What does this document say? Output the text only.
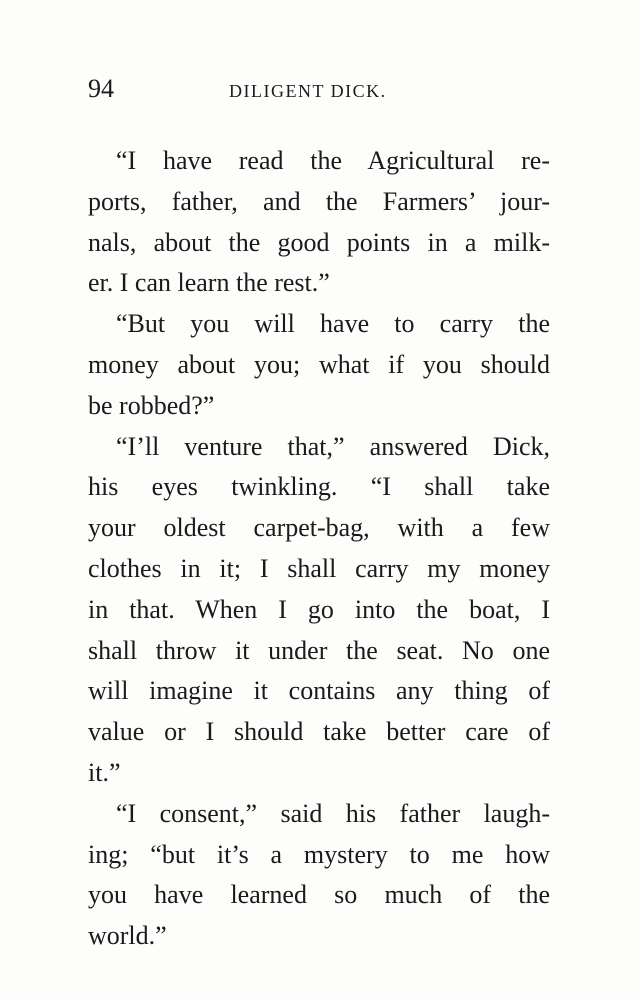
94	DILIGENT DICK.
“I have read the Agricultural re-
ports, father, and the Farmers’ jour-
nals, about the good points in a milk-
er. I can learn the rest.”
“But you will have to carry the
money about you; what if you should
be robbed?”
“I’ll venture that,” answered Dick,
his eyes twinkling. “I shall take
your oldest carpet-bag, with a few
clothes in it; I shall carry my money
in that. When I go into the boat, I
shall throw it under the seat. No one
will imagine it contains any thing of
value or I should take better care of
it.”
“I consent,” said his father laugh-
ing; “but it’s a mystery to me how
you have learned so much of the
world.”
